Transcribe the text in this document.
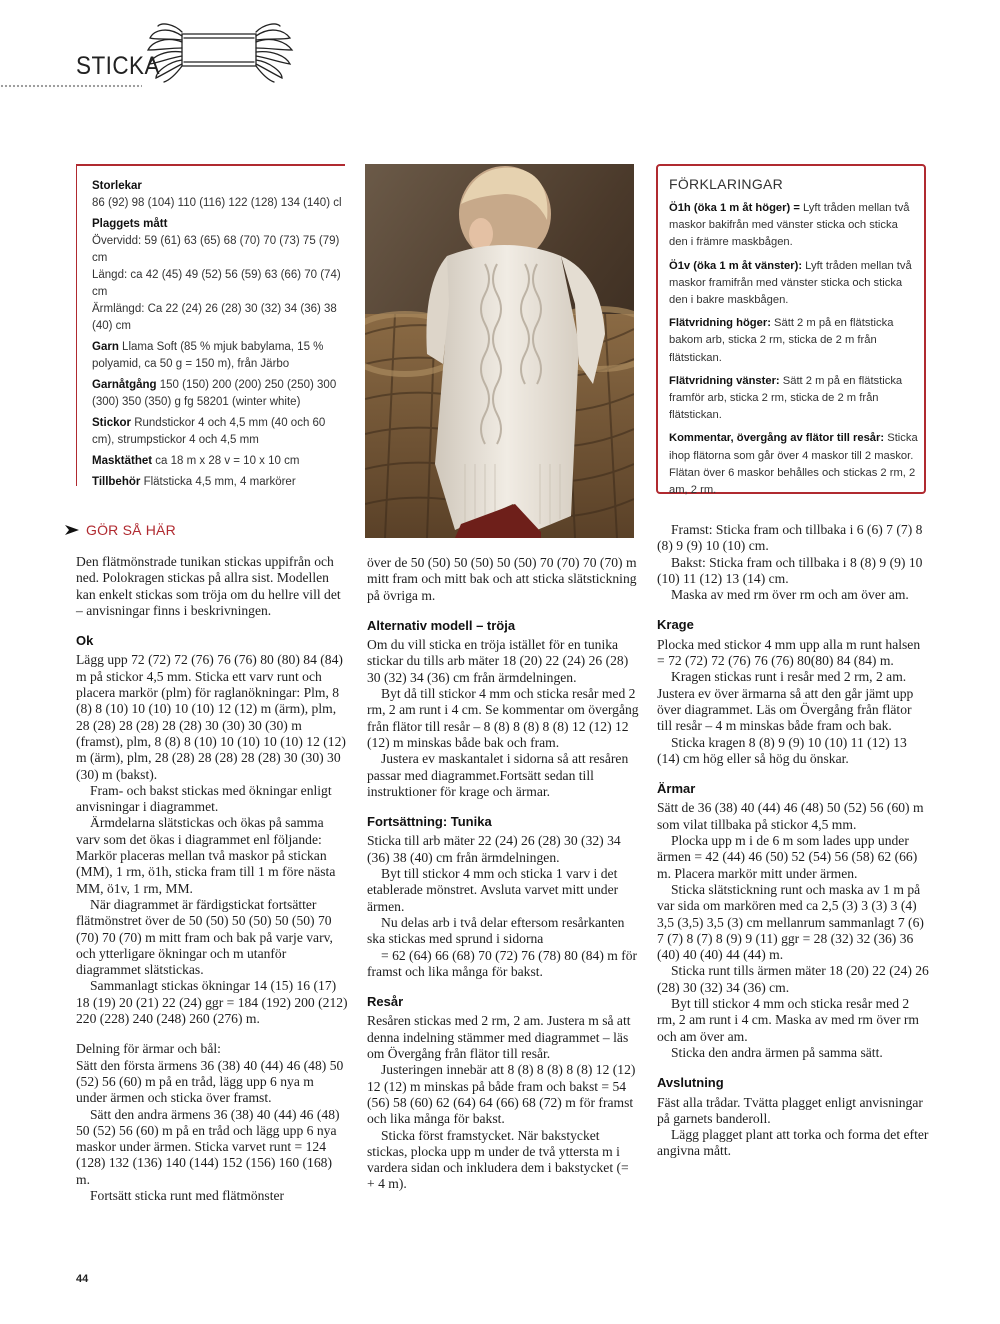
STICKA

Storlekar
86 (92) 98 (104) 110 (116) 122 (128) 134 (140) cl

Plaggets mått
Övervidd: 59 (61) 63 (65) 68 (70) 70 (73) 75 (79) cm
Längd: ca 42 (45) 49 (52) 56 (59) 63 (66) 70 (74) cm
Ärmlängd: Ca 22 (24) 26 (28) 30 (32) 34 (36) 38 (40) cm

Garn Llama Soft (85 % mjuk babylama, 15 % polyamid, ca 50 g = 150 m), från Järbo

Garnåtgång 150 (150) 200 (200) 250 (250) 300 (300) 350 (350) g fg 58201 (winter white)

Stickor Rundstickor 4 och 4,5 mm (40 och 60 cm), strumpstickor 4 och 4,5 mm

Masktäthet ca 18 m x 28 v = 10 x 10 cm

Tillbehör Flätsticka 4,5 mm, 4 markörer

FÖRKLARINGAR

Ö1h (öka 1 m åt höger) = Lyft tråden mellan två maskor bakifrån med vänster sticka och sticka den i främre maskbågen.

Ö1v (öka 1 m åt vänster): Lyft tråden mellan två maskor framifrån med vänster sticka och sticka den i bakre maskbågen.

Flätvridning höger: Sätt 2 m på en flätsticka bakom arb, sticka 2 rm, sticka de 2 m från flätstickan.

Flätvridning vänster: Sätt 2 m på en flätsticka framför arb, sticka 2 rm, sticka de 2 m från flätstickan.

Kommentar, övergång av flätor till resår: Sticka ihop flätorna som går över 4 maskor till 2 maskor. Flätan över 6 maskor behålles och stickas 2 rm, 2 am, 2 rm.

GÖR SÅ HÄR

Den flätmönstrade tunikan stickas uppifrån och ned. Polokragen stickas på allra sist. Modellen kan enkelt stickas som tröja om du hellre vill det – anvisningar finns i beskrivningen.

Ok

Lägg upp 72 (72) 72 (76) 76 (76) 80 (80) 84 (84) m på stickor 4,5 mm. Sticka ett varv runt och placera markör (plm) för raglanökningar: Plm, 8 (8) 8 (10) 10 (10) 10 (10) 12 (12) m (ärm), plm, 28 (28) 28 (28) 28 (28) 30 (30) 30 (30) m (framst), plm, 8 (8) 8 (10) 10 (10) 10 (10) 12 (12) m (ärm), plm, 28 (28) 28 (28) 28 (28) 30 (30) 30 (30) m (bakst).

Fram- och bakst stickas med ökningar enligt anvisningar i diagrammet.

Ärmdelarna slätstickas och ökas på samma varv som det ökas i diagrammet enl följande: Markör placeras mellan två maskor på stickan (MM), 1 rm, ö1h, sticka fram till 1 m före nästa MM, ö1v, 1 rm, MM.

När diagrammet är färdigstickat fortsätter flätmönstret över de 50 (50) 50 (50) 50 (50) 70 (70) 70 (70) m mitt fram och bak på varje varv, och ytterligare ökningar och m utanför diagrammet slätstickas.

Sammanlagt stickas ökningar 14 (15) 16 (17) 18 (19) 20 (21) 22 (24) ggr = 184 (192) 200 (212) 220 (228) 240 (248) 260 (276) m.

Delning för ärmar och bål:

Sätt den första ärmens 36 (38) 40 (44) 46 (48) 50 (52) 56 (60) m på en tråd, lägg upp 6 nya m under ärmen och sticka över framst.

Sätt den andra ärmens 36 (38) 40 (44) 46 (48) 50 (52) 56 (60) m på en tråd och lägg upp 6 nya maskor under ärmen. Sticka varvet runt = 124 (128) 132 (136) 140 (144) 152 (156) 160 (168) m.

Fortsätt sticka runt med flätmönster

över de 50 (50) 50 (50) 50 (50) 70 (70) 70 (70) m mitt fram och mitt bak och att sticka slätstickning på övriga m.

Alternativ modell – tröja

Om du vill sticka en tröja istället för en tunika stickar du tills arb mäter 18 (20) 22 (24) 26 (28) 30 (32) 34 (36) cm från ärmdelningen.

Byt då till stickor 4 mm och sticka resår med 2 rm, 2 am runt i 4 cm. Se kommentar om övergång från flätor till resår – 8 (8) 8 (8) 8 (8) 12 (12) 12 (12) m minskas både bak och fram.

Justera ev maskantalet i sidorna så att resåren passar med diagrammet.Fortsätt sedan till instruktioner för krage och ärmar.

Fortsättning: Tunika

Sticka till arb mäter 22 (24) 26 (28) 30 (32) 34 (36) 38 (40) cm från ärmdelningen.

Byt till stickor 4 mm och sticka 1 varv i det etablerade mönstret. Avsluta varvet mitt under ärmen.

Nu delas arb i två delar eftersom resårkanten ska stickas med sprund i sidorna

= 62 (64) 66 (68) 70 (72) 76 (78) 80 (84) m för framst och lika många för bakst.

Resår

Resåren stickas med 2 rm, 2 am. Justera m så att denna indelning stämmer med diagrammet – läs om Övergång från flätor till resår.

Justeringen innebär att 8 (8) 8 (8) 8 (8) 12 (12) 12 (12) m minskas på både fram och bakst = 54 (56) 58 (60) 62 (64) 64 (66) 68 (72) m för framst och lika många för bakst.

Sticka först framstycket. När bakstycket stickas, plocka upp m under de två yttersta m i vardera sidan och inkludera dem i bakstycket (= + 4 m).

Framst: Sticka fram och tillbaka i 6 (6) 7 (7) 8 (8) 9 (9) 10 (10) cm.

Bakst: Sticka fram och tillbaka i 8 (8) 9 (9) 10 (10) 11 (12) 13 (14) cm.

Maska av med rm över rm och am över am.

Krage

Plocka med stickor 4 mm upp alla m runt halsen = 72 (72) 72 (76) 76 (76) 80(80) 84 (84) m.

Kragen stickas runt i resår med 2 rm, 2 am. Justera ev över ärmarna så att den går jämt upp över diagrammet. Läs om Övergång från flätor till resår – 4 m minskas både fram och bak.

Sticka kragen 8 (8) 9 (9) 10 (10) 11 (12) 13 (14) cm hög eller så hög du önskar.

Ärmar

Sätt de 36 (38) 40 (44) 46 (48) 50 (52) 56 (60) m som vilat tillbaka på stickor 4,5 mm.

Plocka upp m i de 6 m som lades upp under ärmen = 42 (44) 46 (50) 52 (54) 56 (58) 62 (66) m. Placera markör mitt under ärmen.

Sticka slätstickning runt och maska av 1 m på var sida om markören med ca 2,5 (3) 3 (3) 3 (4) 3,5 (3,5) 3,5 (3) cm mellanrum sammanlagt 7 (6) 7 (7) 8 (7) 8 (9) 9 (11) ggr = 28 (32) 32 (36) 36 (40) 40 (40) 44 (44) m.

Sticka runt tills ärmen mäter 18 (20) 22 (24) 26 (28) 30 (32) 34 (36) cm.

Byt till stickor 4 mm och sticka resår med 2 rm, 2 am runt i 4 cm. Maska av med rm över rm och am över am.

Sticka den andra ärmen på samma sätt.

Avslutning

Fäst alla trådar. Tvätta plagget enligt anvisningar på garnets banderoll.

Lägg plagget plant att torka och forma det efter angivna mått.

44
